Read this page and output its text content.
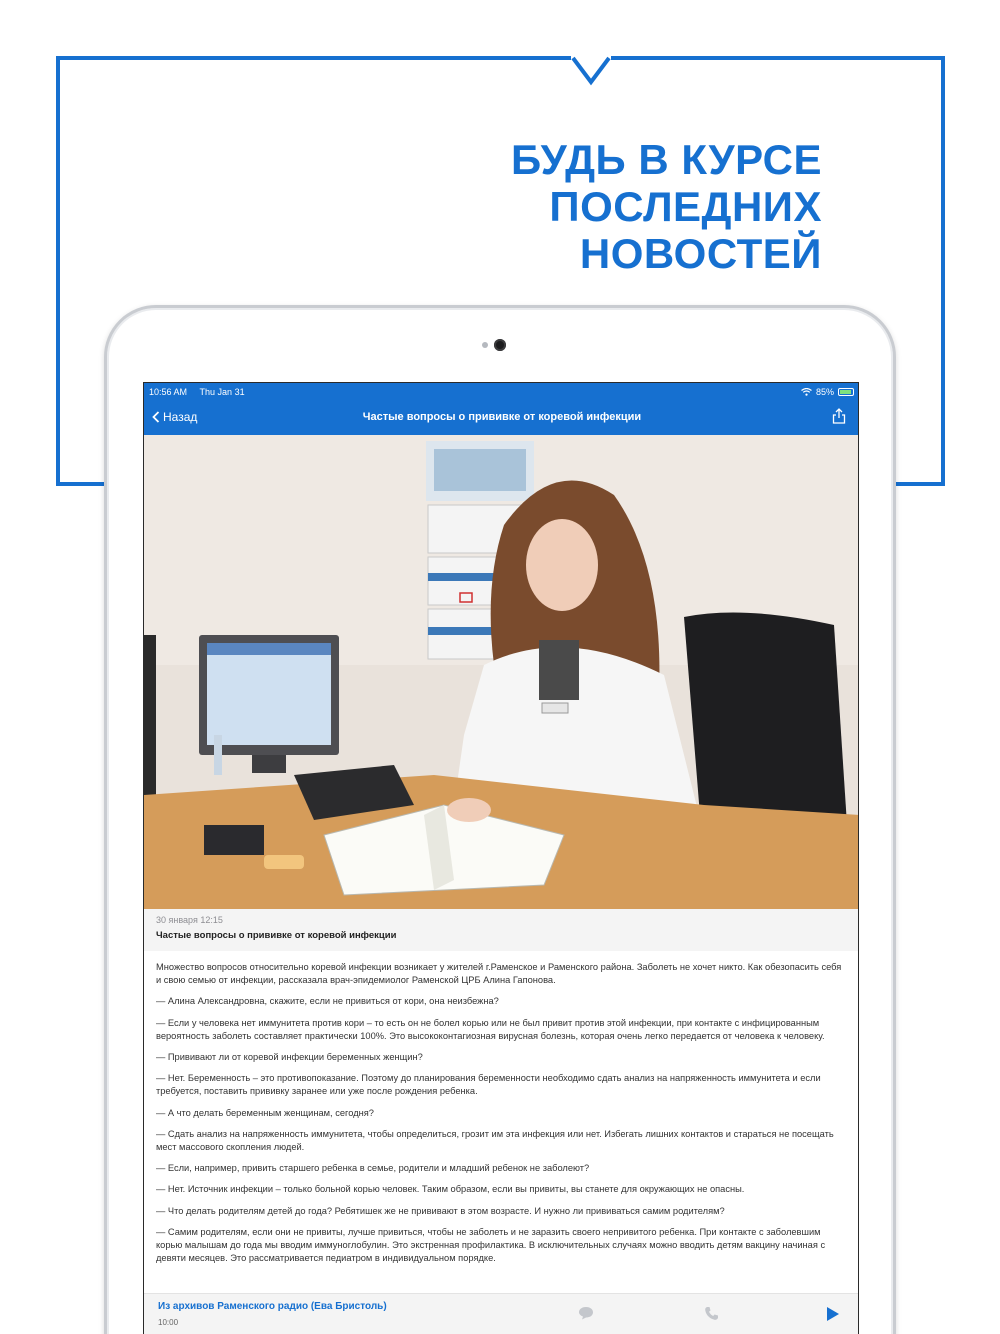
БУДЬ В КУРСЕ
ПОСЛЕДНИХ
НОВОСТЕЙ
10:56 AM Thu Jan 31	85%
Назад	Частые вопросы о прививке от коревой инфекции
30 января 12:15
Частые вопросы о прививке от коревой инфекции

Множество вопросов относительно коревой инфекции возникает у жителей г.Раменское и Раменского района. Заболеть не хочет никто. Как обезопасить себя и свою семью от инфекции, рассказала врач-эпидемиолог Раменской ЦРБ Алина Гапонова.

— Алина Александровна, скажите, если не привиться от кори, она неизбежна?

— Если у человека нет иммунитета против кори – то есть он не болел корью или не был привит против этой инфекции, при контакте с инфицированным вероятность заболеть составляет практически 100%. Это высококонтагиозная вирусная болезнь, которая очень легко передается от человека к человеку.

— Прививают ли от коревой инфекции беременных женщин?

— Нет. Беременность – это противопоказание. Поэтому до планирования беременности необходимо сдать анализ на напряженность иммунитета и если требуется, поставить прививку заранее или уже после рождения ребенка.

— А что делать беременным женщинам, сегодня?

— Сдать анализ на напряженность иммунитета, чтобы определиться, грозит им эта инфекция или нет. Избегать лишних контактов и стараться не посещать мест массового скопления людей.

— Если, например, привить старшего ребенка в семье, родители и младший ребенок не заболеют?

— Нет. Источник инфекции – только больной корью человек. Таким образом, если вы привиты, вы станете для окружающих не опасны.

— Что делать родителям детей до года? Ребятишек же не прививают в этом возрасте. И нужно ли прививаться самим родителям?

— Самим родителям, если они не привиты, лучше привиться, чтобы не заболеть и не заразить своего непривитого ребенка. При контакте с заболевшим корью малышам до года мы вводим иммуноглобулин. Это экстренная профилактика. В исключительных случаях можно вводить детям вакцину начиная с девяти месяцев. Это рассматривается педиатром в индивидуальном порядке.

Из архивов Раменского радио (Ева Бристоль)
10:00
